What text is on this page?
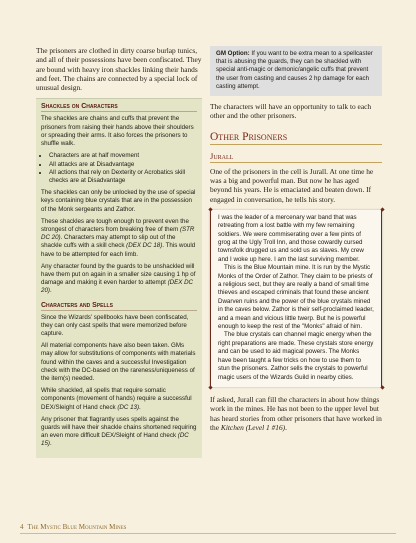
The prisoners are clothed in dirty coarse burlap tunics, and all of their possessions have been confiscated. They are bound with heavy iron shackles linking their hands and feet. The chains are connected by a special lock of unusual design.

Shackles on Characters

The shackles are chains and cuffs that prevent the prisoners from raising their hands above their shoulders or spreading their arms. It also forces the prisoners to shuffle walk.

• Characters are at half movement
• All attacks are at Disadvantage
• All actions that rely on Dexterity or Acrobatics skill checks are at Disadvantage

The shackles can only be unlocked by the use of special keys containing blue crystals that are in the possession of the Monk sergeants and Zathor.

These shackles are tough enough to prevent even the strongest of characters from breaking free of them (STR DC 20). Characters may attempt to slip out of the shackle cuffs with a skill check (DEX DC 18). This would have to be attempted for each limb.

Any character found by the guards to be unshackled will have them put on again in a smaller size causing 1 hp of damage and making it even harder to attempt (DEX DC 20).

Characters and Spells

Since the Wizards' spellbooks have been confiscated, they can only cast spells that were memorized before capture.

All material components have also been taken. GMs may allow for substitutions of components with materials found within the caves and a successful Investigation check with the DC-based on the rareness/uniqueness of the item(s) needed.

While shackled, all spells that require somatic components (movement of hands) require a successful DEX/Sleight of Hand check (DC 13).

Any prisoner that flagrantly uses spells against the guards will have their shackle chains shortened requiring an even more difficult DEX/Sleight of Hand check (DC 15).

GM Option: If you want to be extra mean to a spellcaster that is abusing the guards, they can be shackled with special anti-magic or demonic/angelic cuffs that prevent the user from casting and causes 2 hp damage for each casting attempt.

The characters will have an opportunity to talk to each other and the other prisoners.

Other Prisoners
Jurall

One of the prisoners in the cell is Jurall. At one time he was a big and powerful man. But now he has aged beyond his years. He is emaciated and beaten down. If engaged in conversation, he tells his story.

I was the leader of a mercenary war band that was retreating from a lost battle with my few remaining soldiers. We were commiserating over a few pints of grog at the Ugly Troll Inn, and those cowardly cursed townsfolk drugged us and sold us as slaves. My crew and I woke up here. I am the last surviving member.

This is the Blue Mountain mine. It is run by the Mystic Monks of the Order of Zathor. They claim to be priests of a religious sect, but they are really a band of small time thieves and escaped criminals that found these ancient Dwarven ruins and the power of the blue crystals mined in the caves below. Zathor is their self-proclaimed leader, and a mean and vicious little twerp. But he is powerful enough to keep the rest of the "Monks" afraid of him.

The blue crystals can channel magic energy when the right preparations are made. These crystals store energy and can be used to aid magical powers. The Monks have been taught a few tricks on how to use them to stun the prisoners. Zathor sells the crystals to powerful magic users of the Wizards Guild in nearby cities.

If asked, Jurall can fill the characters in about how things work in the mines. He has not been to the upper level but has heard stories from other prisoners that have worked in the Kitchen (Level 1 #16).

4 The Mystic Blue Mountain Mines
